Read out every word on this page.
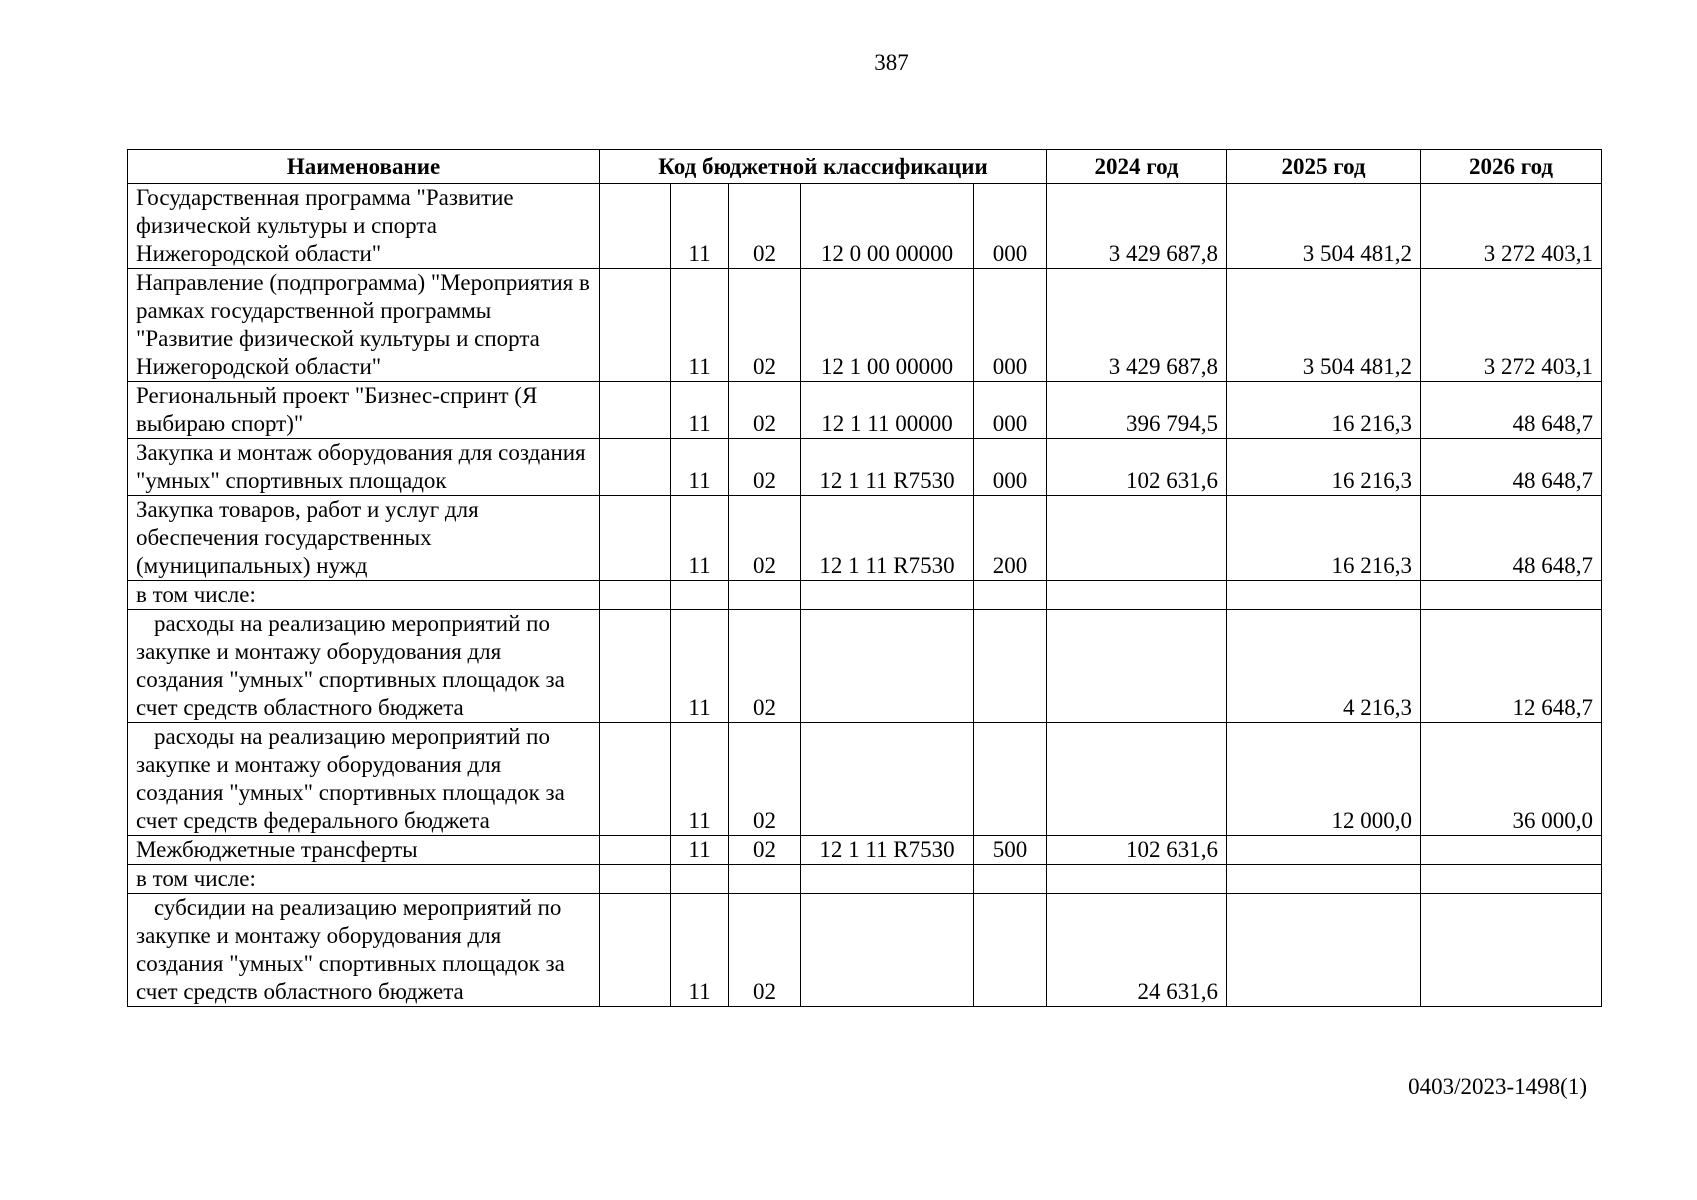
387
Наименование	Код бюджетной классификации					2024 год	2025 год	2026 год
Государственная программа "Развитие физической культуры и спорта Нижегородской области"		11	02	12 0 00 00000	000	3 429 687,8	3 504 481,2	3 272 403,1
Направление (подпрограмма) "Мероприятия в рамках государственной программы "Развитие физической культуры и спорта Нижегородской области"		11	02	12 1 00 00000	000	3 429 687,8	3 504 481,2	3 272 403,1
Региональный проект "Бизнес-спринт (Я выбираю спорт)"		11	02	12 1 11 00000	000	396 794,5	16 216,3	48 648,7
Закупка и монтаж оборудования для создания "умных" спортивных площадок		11	02	12 1 11 R7530	000	102 631,6	16 216,3	48 648,7
Закупка товаров, работ и услуг для обеспечения государственных (муниципальных) нужд		11	02	12 1 11 R7530	200		16 216,3	48 648,7
в том числе:								
расходы на реализацию мероприятий по закупке и монтажу оборудования для создания "умных" спортивных площадок за счет средств областного бюджета		11	02				4 216,3	12 648,7
расходы на реализацию мероприятий по закупке и монтажу оборудования для создания "умных" спортивных площадок за счет средств федерального бюджета		11	02				12 000,0	36 000,0
Межбюджетные трансферты		11	02	12 1 11 R7530	500	102 631,6		
в том числе:								
субсидии на реализацию мероприятий по закупке и монтажу оборудования для создания "умных" спортивных площадок за счет средств областного бюджета		11	02			24 631,6		
0403/2023-1498(1)
